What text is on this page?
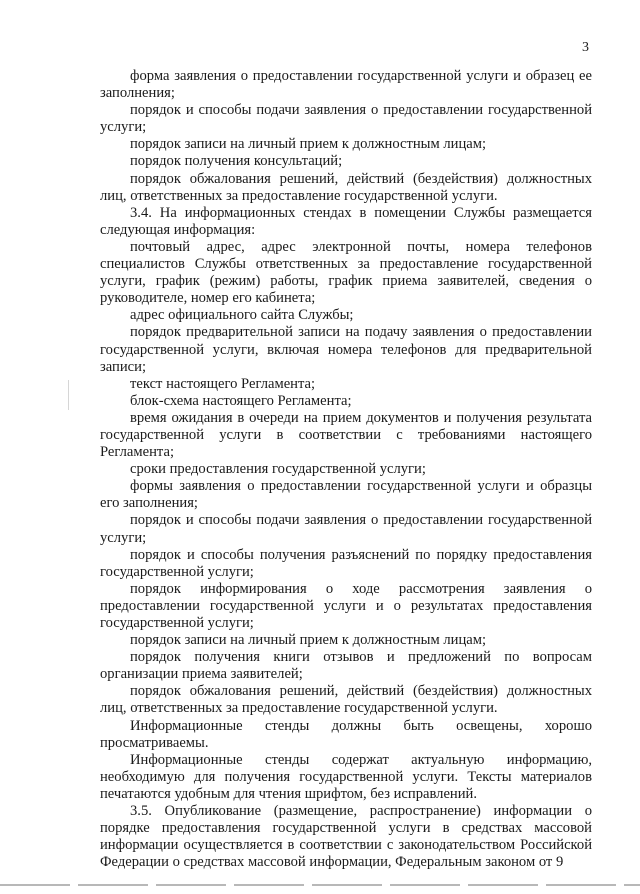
3

форма заявления о предоставлении государственной услуги и образец ее заполнения;

порядок и способы подачи заявления о предоставлении государственной услуги;

порядок записи на личный прием к должностным лицам;

порядок получения консультаций;

порядок обжалования решений, действий (бездействия) должностных лиц, ответственных за предоставление государственной услуги.

3.4. На информационных стендах в помещении Службы размещается следующая информация:

почтовый адрес, адрес электронной почты, номера телефонов специалистов Службы ответственных за предоставление государственной услуги, график (режим) работы, график приема заявителей, сведения о руководителе, номер его кабинета;

адрес официального сайта Службы;

порядок предварительной записи на подачу заявления о предоставлении государственной услуги, включая номера телефонов для предварительной записи;

текст настоящего Регламента;

блок-схема настоящего Регламента;

время ожидания в очереди на прием документов и получения результата государственной услуги в соответствии с требованиями настоящего Регламента;

сроки предоставления государственной услуги;

формы заявления о предоставлении государственной услуги и образцы его заполнения;

порядок и способы подачи заявления о предоставлении государственной услуги;

порядок и способы получения разъяснений по порядку предоставления государственной услуги;

порядок информирования о ходе рассмотрения заявления о предоставлении государственной услуги и о результатах предоставления государственной услуги;

порядок записи на личный прием к должностным лицам;

порядок получения книги отзывов и предложений по вопросам организации приема заявителей;

порядок обжалования решений, действий (бездействия) должностных лиц, ответственных за предоставление государственной услуги.

Информационные стенды должны быть освещены, хорошо просматриваемы.

Информационные стенды содержат актуальную информацию, необходимую для получения государственной услуги. Тексты материалов печатаются удобным для чтения шрифтом, без исправлений.

3.5. Опубликование (размещение, распространение) информации о порядке предоставления государственной услуги в средствах массовой информации осуществляется в соответствии с законодательством Российской Федерации о средствах массовой информации, Федеральным законом от 9
